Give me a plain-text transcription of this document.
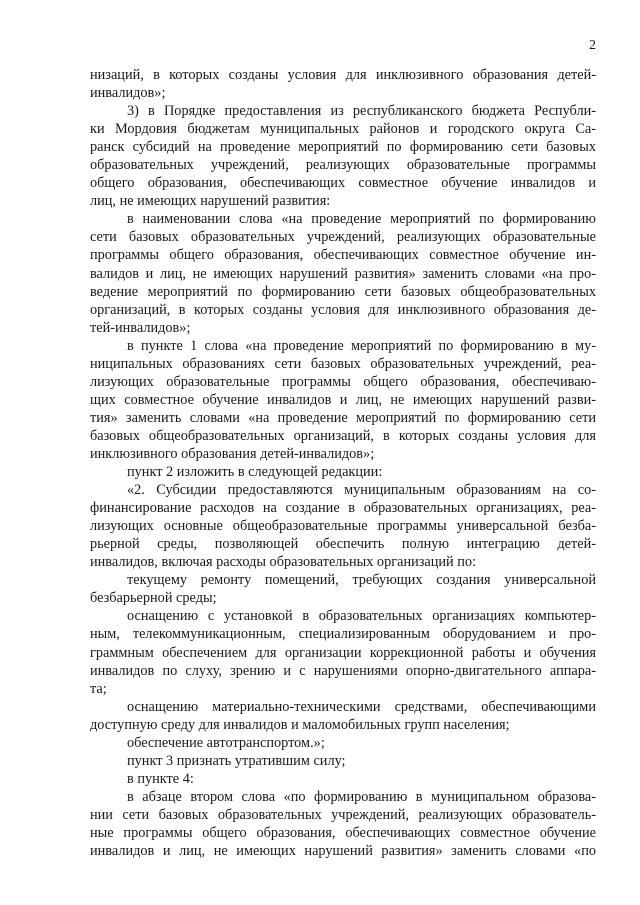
2
низаций, в которых созданы условия для инклюзивного образования детей-
инвалидов»;
3) в Порядке предоставления из республиканского бюджета Республи-
ки Мордовия бюджетам муниципальных районов и городского округа Са-
ранск субсидий на проведение мероприятий по формированию сети базовых
образовательных учреждений, реализующих образовательные программы
общего образования, обеспечивающих совместное обучение инвалидов и
лиц, не имеющих нарушений развития:
в наименовании слова «на проведение мероприятий по формированию
сети базовых образовательных учреждений, реализующих образовательные
программы общего образования, обеспечивающих совместное обучение ин-
валидов и лиц, не имеющих нарушений развития» заменить словами «на про-
ведение мероприятий по формированию сети базовых общеобразовательных
организаций, в которых созданы условия для инклюзивного образования де-
тей-инвалидов»;
в пункте 1 слова «на проведение мероприятий по формированию в му-
ниципальных образованиях сети базовых образовательных учреждений, реа-
лизующих образовательные программы общего образования, обеспечиваю-
щих совместное обучение инвалидов и лиц, не имеющих нарушений разви-
тия» заменить словами «на проведение мероприятий по формированию сети
базовых общеобразовательных организаций, в которых созданы условия для
инклюзивного образования детей-инвалидов»;
пункт 2 изложить в следующей редакции:
«2. Субсидии предоставляются муниципальным образованиям на со-
финансирование расходов на создание в образовательных организациях, реа-
лизующих основные общеобразовательные программы универсальной безба-
рьерной среды, позволяющей обеспечить полную интеграцию детей-
инвалидов, включая расходы образовательных организаций по:
текущему ремонту помещений, требующих создания универсальной
безбарьерной среды;
оснащению с установкой в образовательных организациях компьютер-
ным, телекоммуникационным, специализированным оборудованием и про-
граммным обеспечением для организации коррекционной работы и обучения
инвалидов по слуху, зрению и с нарушениями опорно-двигательного аппара-
та;
оснащению материально-техническими средствами, обеспечивающими
доступную среду для инвалидов и маломобильных групп населения;
обеспечение автотранспортом.»;
пункт 3 признать утратившим силу;
в пункте 4:
в абзаце втором слова «по формированию в муниципальном образова-
нии сети базовых образовательных учреждений, реализующих образователь-
ные программы общего образования, обеспечивающих совместное обучение
инвалидов и лиц, не имеющих нарушений развития» заменить словами «по
